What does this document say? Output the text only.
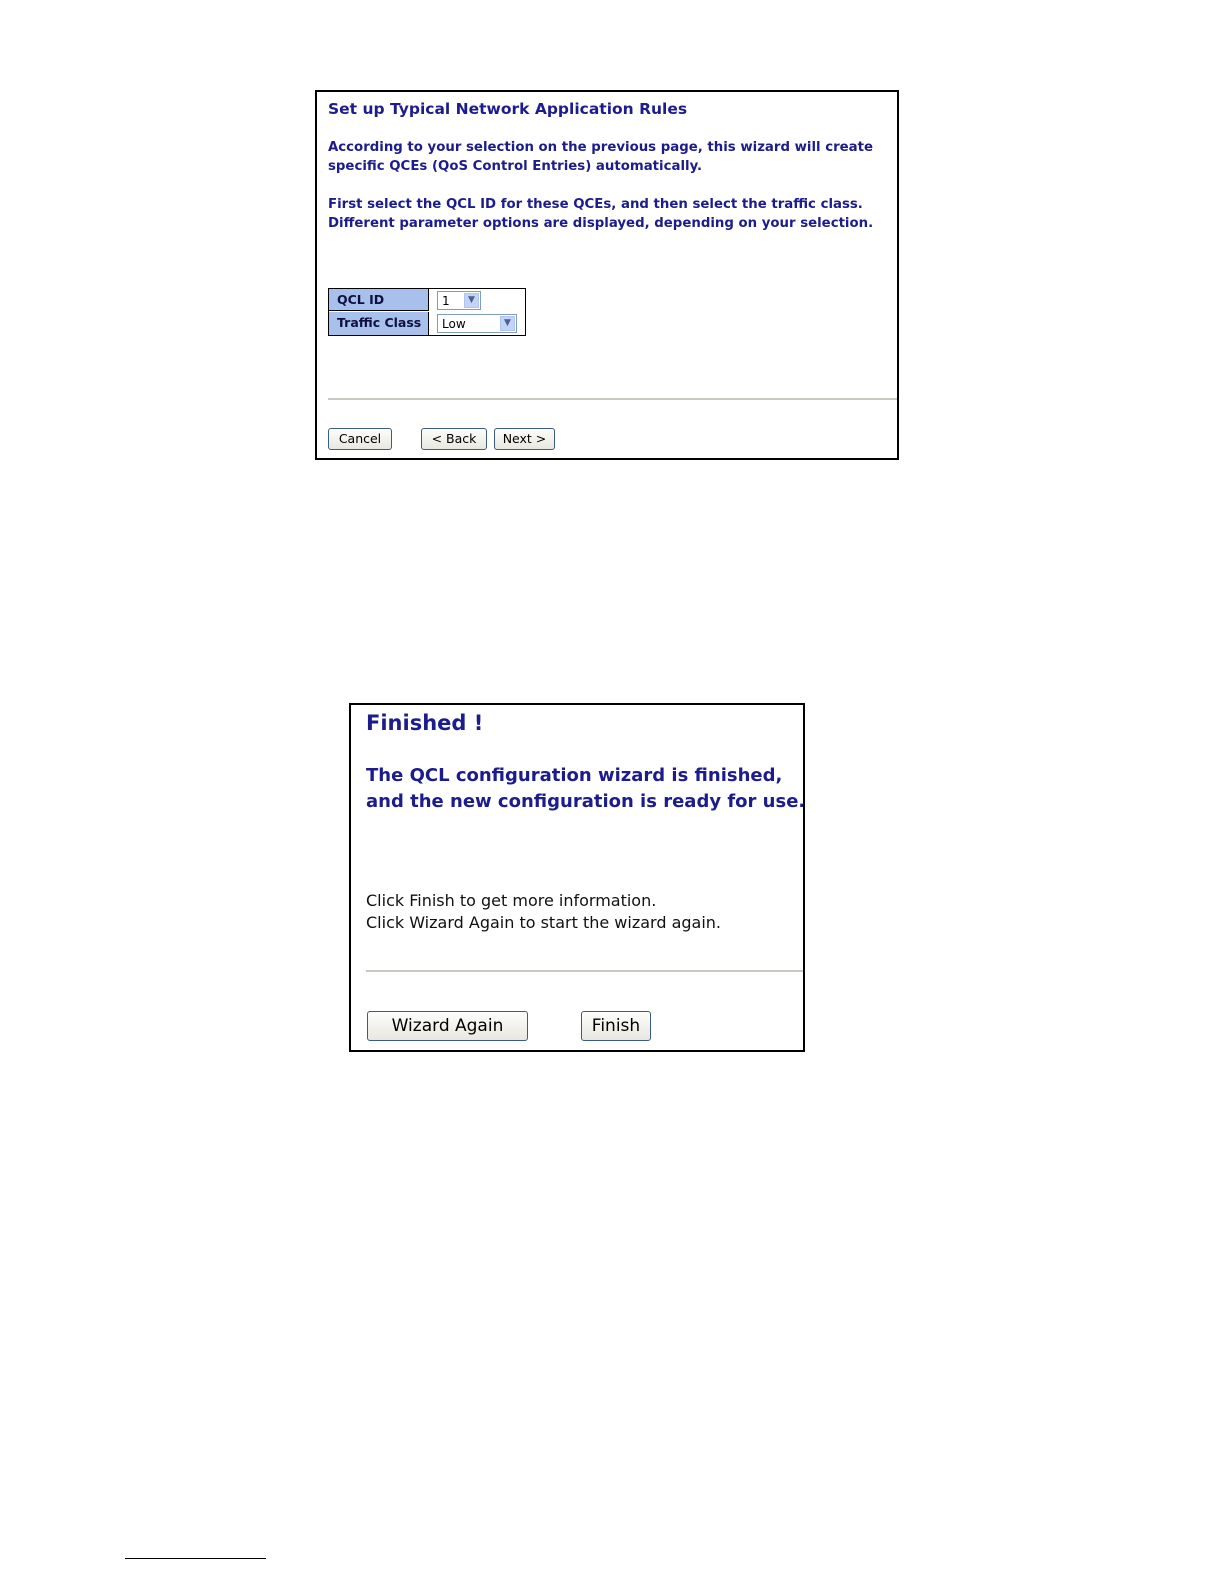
Set up Typical Network Application Rules
According to your selection on the previous page, this wizard will create
specific QCEs (QoS Control Entries) automatically.
First select the QCL ID for these QCEs, and then select the traffic class.
Different parameter options are displayed, depending on your selection.
QCL ID	1	▼
Traffic Class	Low	▼
Cancel	< Back	Next >
Finished !
The QCL configuration wizard is finished,
and the new configuration is ready for use.
Click Finish to get more information.
Click Wizard Again to start the wizard again.
Wizard Again	Finish
